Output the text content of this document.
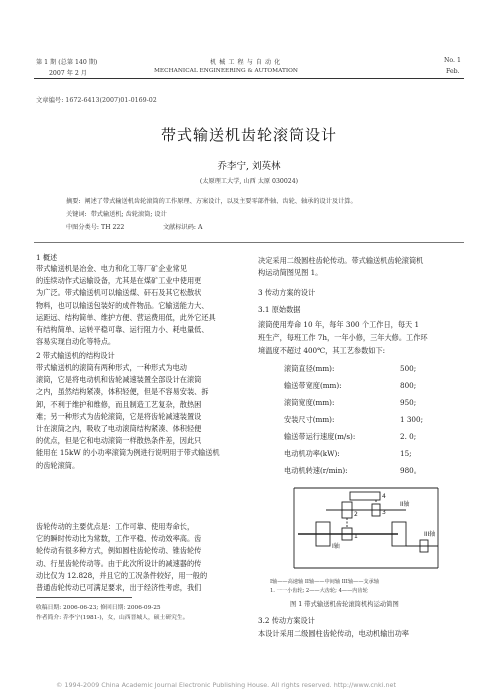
第 1 期 (总第 140 期)	机 械 工 程 与 自 动 化	No. 1
2007 年 2 月	MECHANICAL ENGINEERING & AUTOMATION	Feb.
文章编号: 1672-6413(2007)01-0169-02
带式输送机齿轮滚筒设计
乔李宁, 刘英林
(太原理工大学, 山西 太原 030024)
摘要: 阐述了带式输送机齿轮滚筒的工作原理、方案设计，以及主要零部件轴、齿轮、轴承的设计及计算。
关键词: 带式输送机; 齿轮滚筒; 设计
中图分类号: TH 222	文献标识码: A
1 概述
带式输送机是冶金、电力和化工等厂矿企业常见
的连续动作式运输设备，尤其是在煤矿工业中使用更
为广泛。带式输送机可以输送煤、矸石及其它松散状
物料，也可以输送包装好的成件物品。它输送能力大、
运距远、结构简单、维护方便、营运费用低，此外它还具
有结构简单、运转平稳可靠、运行阻力小、耗电量低、
容易实现自动化等特点。
2 带式输送机的结构设计
带式输送机的滚筒有两种形式，一种形式为电动
滚筒，它是将电动机和齿轮减速装置全部设计在滚筒
之内，虽然结构紧凑，体积轻便，但是不容易安装、拆
卸，不利于维护和维修，而且制造工艺复杂，散热困
难；另一种形式为齿轮滚筒，它是将齿轮减速装置设
计在滚筒之内，吸收了电动滚筒结构紧凑、体积轻便
的优点，但是它和电动滚筒一样散热条件差，因此只
能用在 15kW 的小功率滚筒为例进行说明用于带式输送机
的齿轮滚筒。
齿轮传动的主要优点是：工作可靠、使用寿命长，
它的瞬时传动比为常数，工作平稳、传动效率高。齿
轮传动有很多种方式，例如圆柱齿轮传动、锥齿轮传
动、行星齿轮传动等。由于此次所设计的减速器的传
动比仅为 12.828，并且它的工况条件较好，用一般的
普通齿轮传动已可满足要求，出于经济性考虑，我们
收稿日期: 2006-06-23; 修回日期: 2006-09-25
作者简介: 乔李宁(1981-)，女，山西晋城人，硕士研究生。
决定采用二级圆柱齿轮传动。带式输送机齿轮滚筒机
构运动简图见图 1。
3 传动方案的设计
3.1 原始数据
滚筒使用寿命 10 年，每年 300 个工作日，每天 1
班生产，每班工作 7h，一年小修，三年大修。工作环
境温度不超过 400℃，其工艺参数如下:
滚筒直径(mm):	500;
输送带宽度(mm):	800;
滚筒宽度(mm):	950;
安装尺寸(mm):	1 300;
输送带运行速度(m/s):	2. 0;
电动机功率(kW):	15;
电动机转速(r/min):	980。
II轴
I轴
III轴
1
2	3
4
I轴——高速轴 II轴——中间轴 III轴——支承轴
1. 一一小齿轮; 2——大齿轮; 4——内齿轮
图 1 带式输送机齿轮滚筒机构运动简图
3.2 传动方案设计
本设计采用二级圆柱齿轮传动，电动机输出功率
© 1994-2009 China Academic Journal Electronic Publishing House. All rights reserved. http://www.cnki.net
